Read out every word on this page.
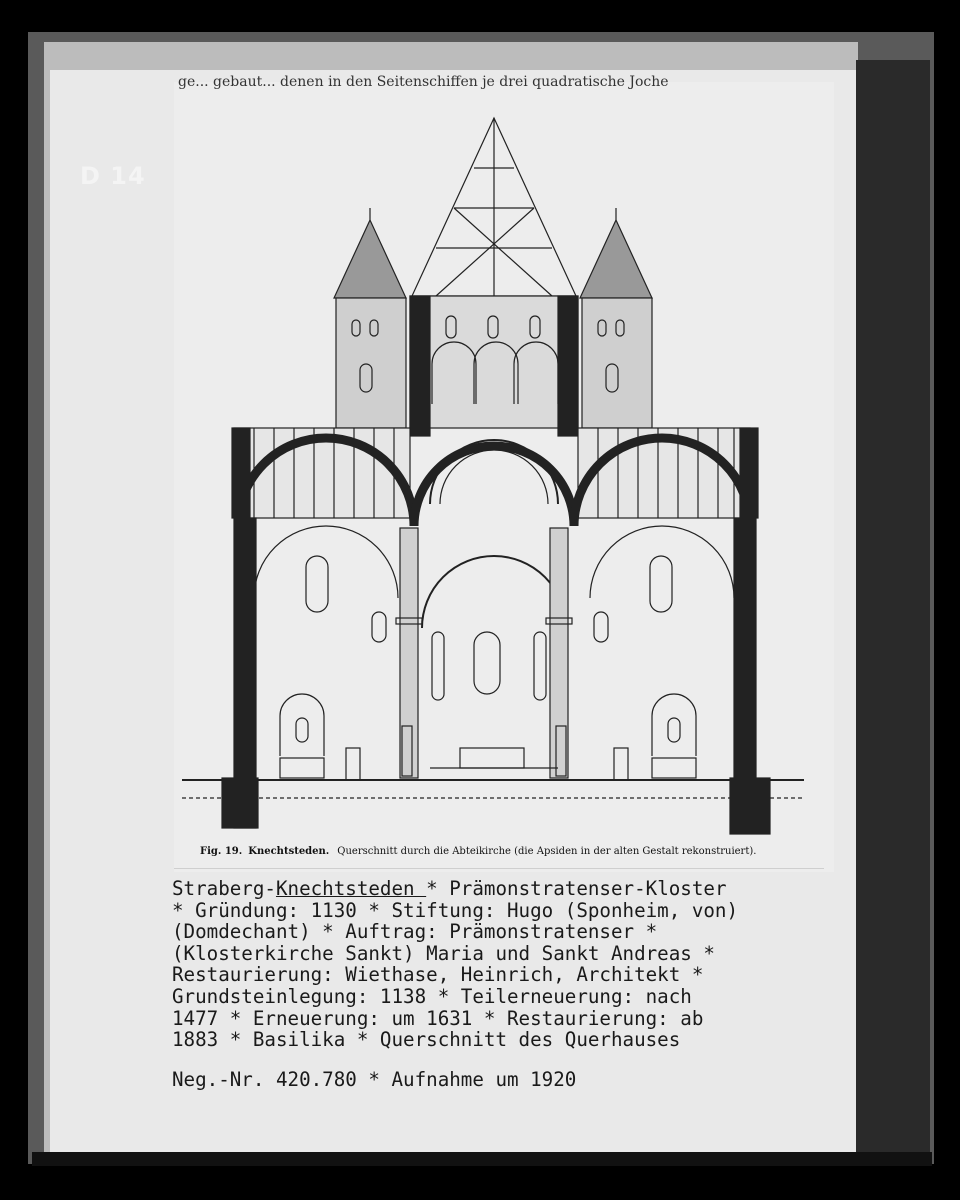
D 14
ge... gebaut... denen in den Seitenschiffen je drei quadratische Joche
Fig. 19. Knechtsteden. Querschnitt durch die Abteikirche (die Apsiden in der alten Gestalt rekonstruiert).
Straberg-Knechtsteden * Prämonstratenser-Kloster
* Gründung: 1130 * Stiftung: Hugo (Sponheim, von)
(Domdechant) * Auftrag: Prämonstratenser *
(Klosterkirche Sankt) Maria und Sankt Andreas *
Restaurierung: Wiethase, Heinrich, Architekt *
Grundsteinlegung: 1138 * Teilerneuerung: nach
1477 * Erneuerung: um 1631 * Restaurierung: ab
1883 * Basilika * Querschnitt des Querhauses
Neg.-Nr. 420.780 * Aufnahme um 1920
